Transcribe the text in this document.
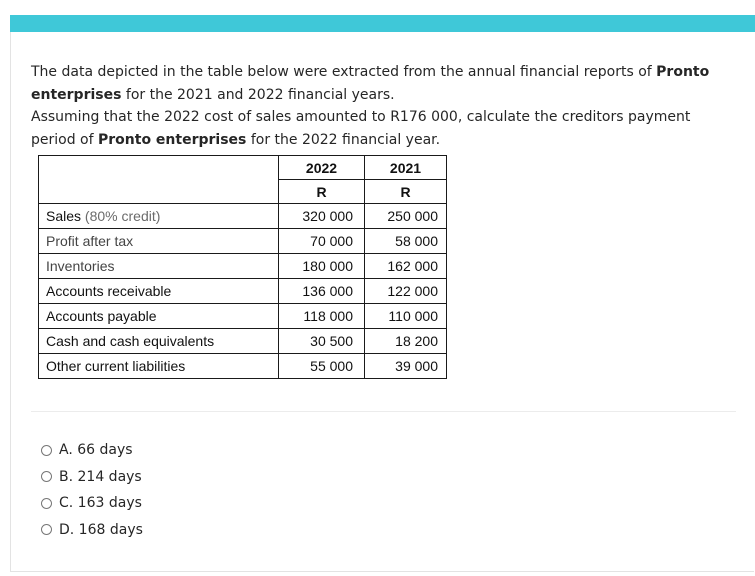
The data depicted in the table below were extracted from the annual financial reports of Pronto enterprises for the 2021 and 2022 financial years.

Assuming that the 2022 cost of sales amounted to R176 000, calculate the creditors payment period of Pronto enterprises for the 2022 financial year.

	2022	2021
	R	R
Sales (80% credit)	320 000	250 000
Profit after tax	70 000	58 000
Inventories	180 000	162 000
Accounts receivable	136 000	122 000
Accounts payable	118 000	110 000
Cash and cash equivalents	30 500	18 200
Other current liabilities	55 000	39 000
A. 66 days
B. 214 days
C. 163 days
D. 168 days
